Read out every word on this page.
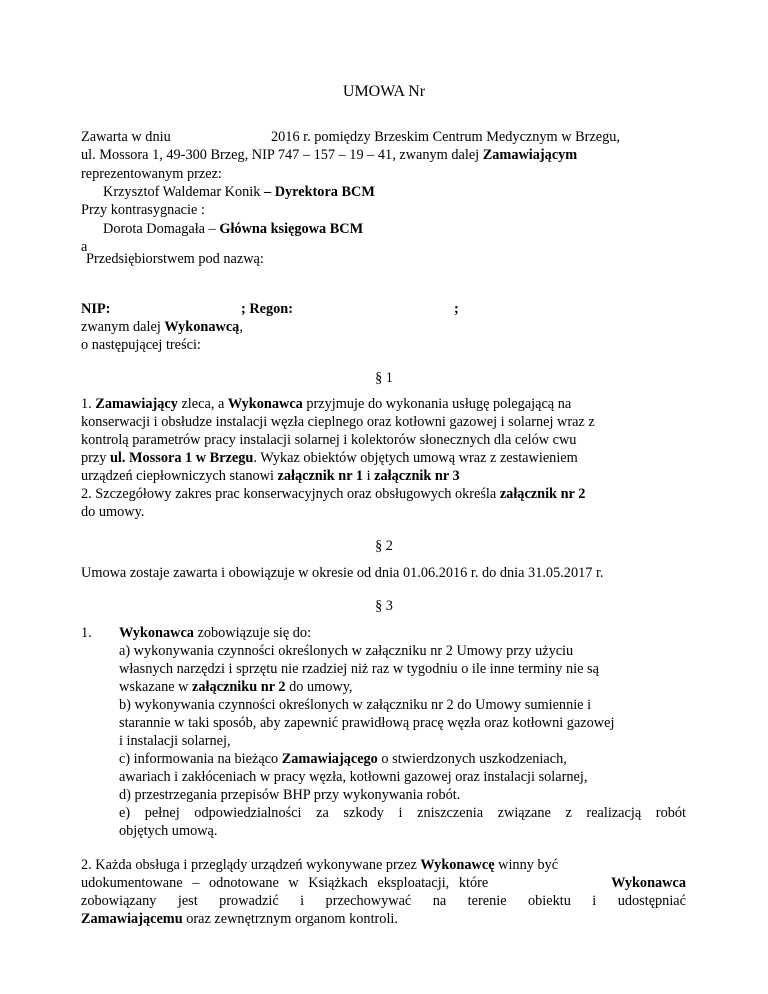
UMOWA Nr
Zawarta w dniu	2016 r. pomiędzy Brzeskim Centrum Medycznym w Brzegu,
ul. Mossora 1, 49-300 Brzeg, NIP 747 – 157 – 19 – 41, zwanym dalej Zamawiającym
reprezentowanym przez:
Krzysztof Waldemar Konik – Dyrektora BCM
Przy kontrasygnacie :
Dorota Domagała – Główna księgowa BCM
a
Przedsiębiorstwem pod nazwą:
NIP:	; Regon:	;
zwanym dalej Wykonawcą,
o następującej treści:
§ 1
1. Zamawiający zleca, a Wykonawca przyjmuje do wykonania usługę polegającą na
konserwacji i obsłudze instalacji węzła cieplnego oraz kotłowni gazowej i solarnej wraz z
kontrolą parametrów pracy instalacji solarnej i kolektorów słonecznych dla celów cwu
przy ul. Mossora 1 w Brzegu. Wykaz obiektów objętych umową wraz z zestawieniem
urządzeń ciepłowniczych stanowi załącznik nr 1 i załącznik nr 3
2. Szczegółowy zakres prac konserwacyjnych oraz obsługowych określa załącznik nr 2
do umowy.
§ 2
Umowa zostaje zawarta i obowiązuje w okresie od dnia 01.06.2016 r. do dnia 31.05.2017 r.
§ 3
1. Wykonawca zobowiązuje się do:
a) wykonywania czynności określonych w załączniku nr 2 Umowy przy użyciu
własnych narzędzi i sprzętu nie rzadziej niż raz w tygodniu o ile inne terminy nie są
wskazane w załączniku nr 2 do umowy,
b) wykonywania czynności określonych w załączniku nr 2 do Umowy sumiennie i
starannie w taki sposób, aby zapewnić prawidłową pracę węzła oraz kotłowni gazowej
i instalacji solarnej,
c) informowania na bieżąco Zamawiającego o stwierdzonych uszkodzeniach,
awariach i zakłóceniach w pracy węzła, kotłowni gazowej oraz instalacji solarnej,
d) przestrzegania przepisów BHP przy wykonywania robót.
e) pełnej odpowiedzialności za szkody i zniszczenia związane z realizacją robót
objętych umową.
2. Każda obsługa i przeglądy urządzeń wykonywane przez Wykonawcę winny być
udokumentowane – odnotowane w Książkach eksploatacji, które	Wykonawca
zobowiązany jest prowadzić i przechowywać na terenie obiektu i udostępniać
Zamawiającemu oraz zewnętrznym organom kontroli.
